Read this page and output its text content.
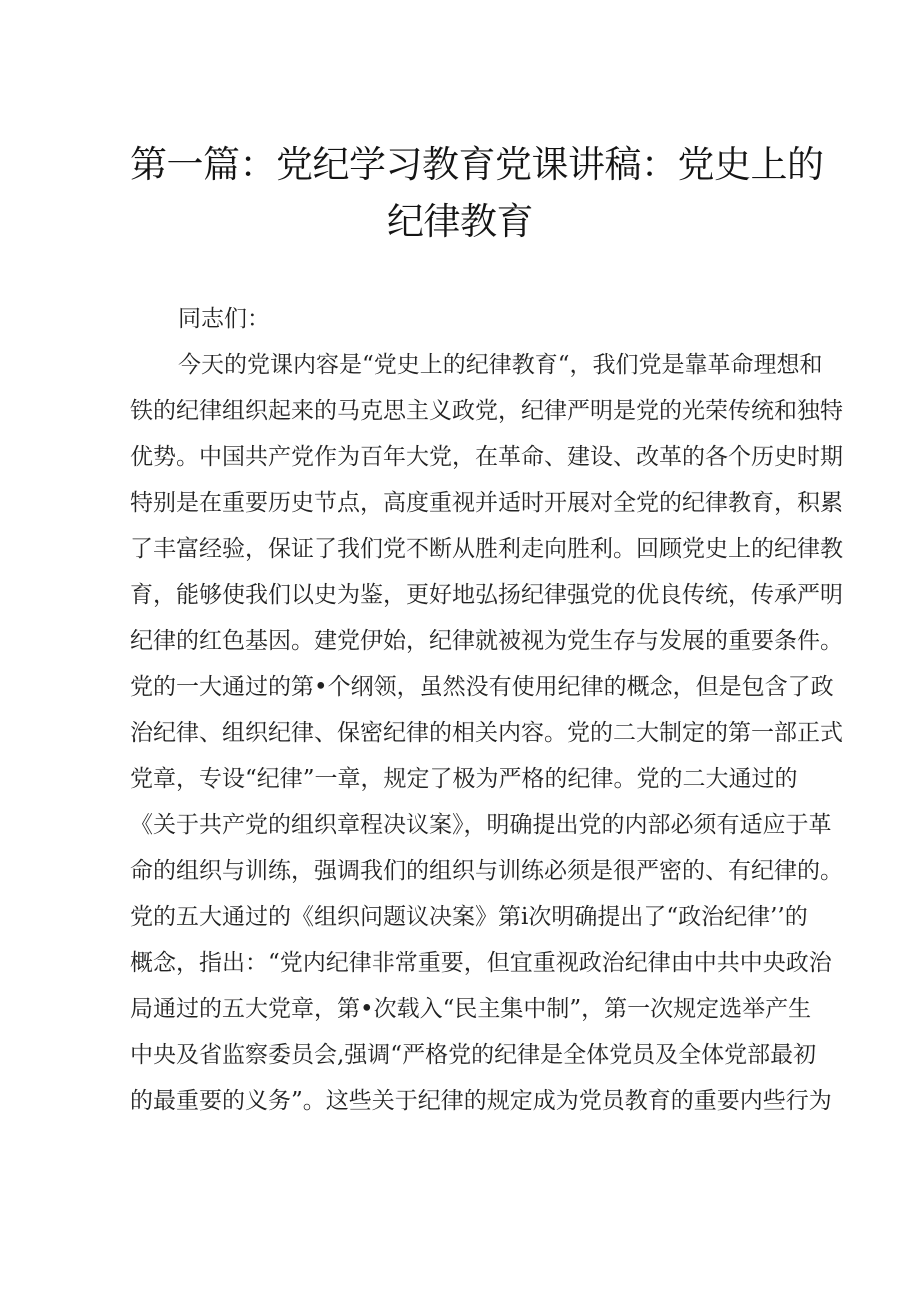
第一篇：党纪学习教育党课讲稿：党史上的
纪律教育
同志们：
今天的党课内容是“党史上的纪律教育“，我们党是靠革命理想和
铁的纪律组织起来的马克思主义政党，纪律严明是党的光荣传统和独特
优势。中国共产党作为百年大党，在革命、建设、改革的各个历史时期
特别是在重要历史节点，高度重视并适时开展对全党的纪律教育，积累
了丰富经验，保证了我们党不断从胜利走向胜利。回顾党史上的纪律教
育，能够使我们以史为鉴，更好地弘扬纪律强党的优良传统，传承严明
纪律的红色基因。建党伊始，纪律就被视为党生存与发展的重要条件。
党的一大通过的第•个纲领，虽然没有使用纪律的概念，但是包含了政
治纪律、组织纪律、保密纪律的相关内容。党的二大制定的第一部正式
党章，专设“纪律”一章，规定了极为严格的纪律。党的二大通过的
《关于共产党的组织章程决议案》，明确提出党的内部必须有适应于革
命的组织与训练，强调我们的组织与训练必须是很严密的、有纪律的。
党的五大通过的《组织问题议决案》第i次明确提出了“政治纪律’’的
概念，指出：“党内纪律非常重要，但宜重视政治纪律由中共中央政治
局通过的五大党章，第•次载入“民主集中制”，第一次规定选举产生
中央及省监察委员会,强调“严格党的纪律是全体党员及全体党部最初
的最重要的义务”。这些关于纪律的规定成为党员教育的重要内些行为
